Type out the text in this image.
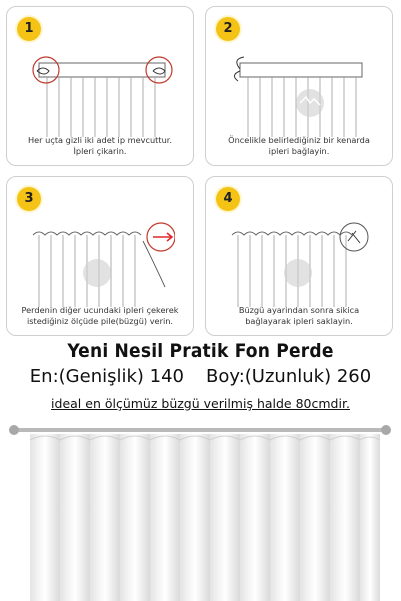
1
Her uçta gizli iki adet ip mevcuttur.
İpleri çikarin.
2
Öncelikle belirlediğiniz bir kenarda
ipleri bağlayin.
3
Perdenin diğer ucundaki ipleri çekerek
istediğiniz ölçüde pile(büzgü) verin.
4
Büzgü ayarindan sonra sikica
bağlayarak ipleri saklayin.
Yeni Nesil Pratik Fon Perde
En:(Genişlik) 140 Boy:(Uzunluk) 260
ideal en ölçümüz büzgü verilmiş halde 80cmdir.
